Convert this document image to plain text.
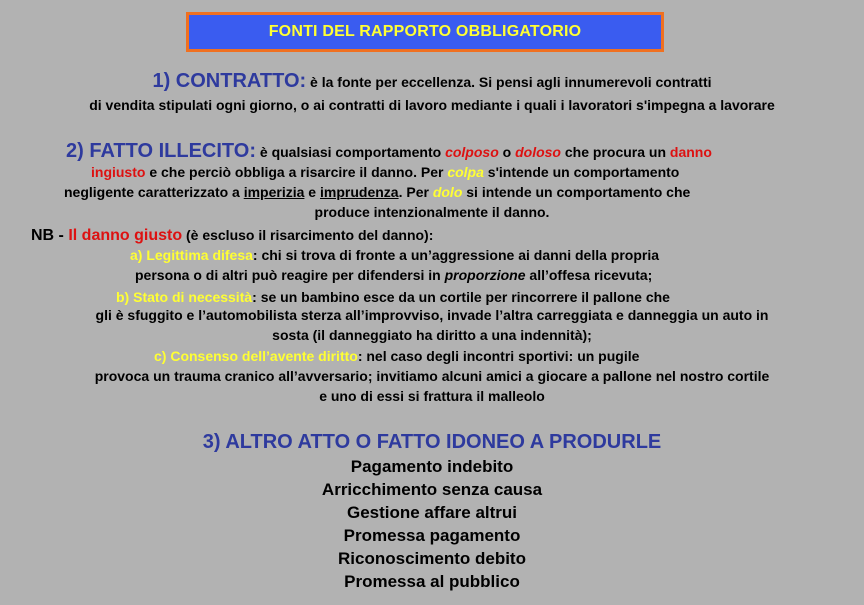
FONTI DEL RAPPORTO OBBLIGATORIO
1) CONTRATTO: è la fonte per eccellenza. Si pensi agli innumerevoli contratti
di vendita stipulati ogni giorno, o ai contratti di lavoro mediante i quali i lavoratori s'impegna a lavorare
2) FATTO ILLECITO: è qualsiasi comportamento colposo o doloso che procura un danno
ingiusto e che perciò obbliga a risarcire il danno. Per colpa s'intende un comportamento
negligente caratterizzato a imperizia e imprudenza. Per dolo si intende un comportamento che
produce intenzionalmente il danno.
NB - Il danno giusto (è escluso il risarcimento del danno):
a) Legittima difesa: chi si trova di fronte a un’aggressione ai danni della propria
persona o di altri può reagire per difendersi in proporzione all’offesa ricevuta;
b) Stato di necessità: se un bambino esce da un cortile per rincorrere il pallone che
gli è sfuggito e l’automobilista sterza all’improvviso, invade l’altra carreggiata e danneggia un auto in
sosta (il danneggiato ha diritto a una indennità);
c) Consenso dell’avente diritto: nel caso degli incontri sportivi: un pugile
provoca un trauma cranico all’avversario; invitiamo alcuni amici a giocare a pallone nel nostro cortile
e uno di essi si frattura il malleolo
3) ALTRO ATTO O FATTO IDONEO A PRODURLE
Pagamento indebito
Arricchimento senza causa
Gestione affare altrui
Promessa pagamento
Riconoscimento debito
Promessa al pubblico
